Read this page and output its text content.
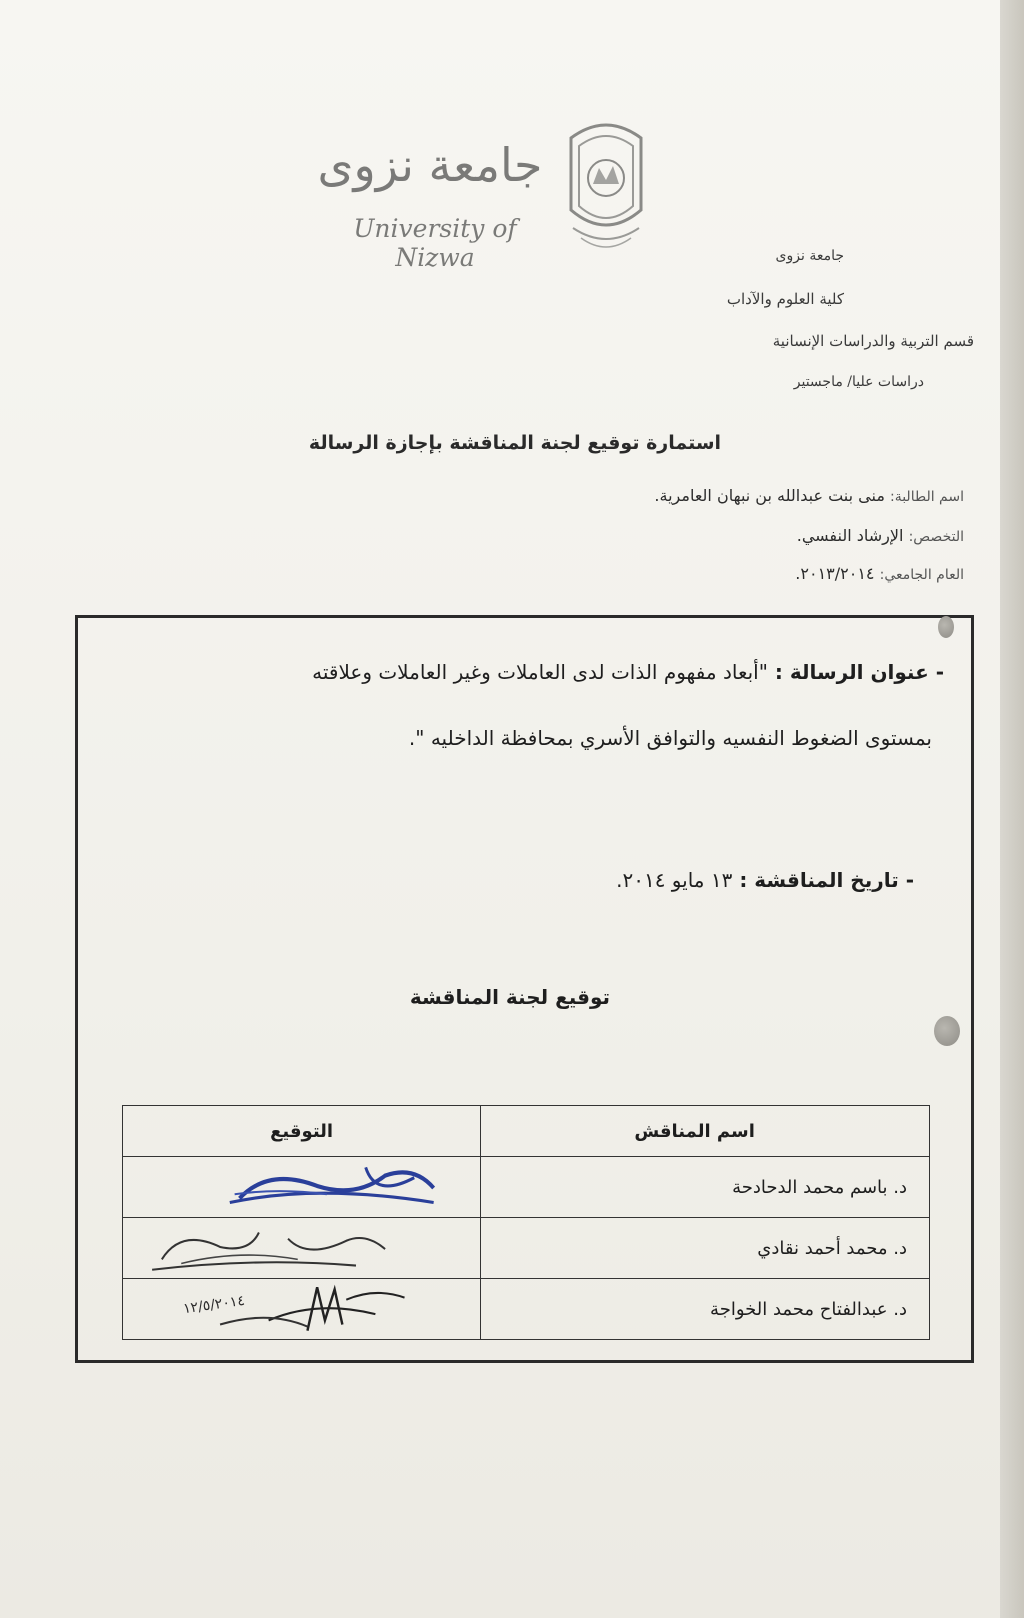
جامعة نزوى
University of Nizwa	جامعة نزوى
كلية العلوم والآداب
قسم التربية والدراسات الإنسانية
دراسات عليا/ ماجستير
استمارة توقيع لجنة المناقشة بإجازة الرسالة
اسم الطالبة: منى بنت عبدالله بن نبهان العامرية.
التخصص: الإرشاد النفسي.
العام الجامعي: ٢٠١٣/٢٠١٤.
- عنوان الرسالة : "أبعاد مفهوم الذات لدى العاملات وغير العاملات وعلاقته
بمستوى الضغوط النفسيه والتوافق الأسري بمحافظة الداخليه ".
- تاريخ المناقشة : ١٣ مايو ٢٠١٤.
توقيع لجنة المناقشة
اسم المناقش	التوقيع
د. باسم محمد الدحادحة	

د. محمد أحمد نقادي	

د. عبدالفتاح محمد الخواجة	١٢/٥/٢٠١٤
